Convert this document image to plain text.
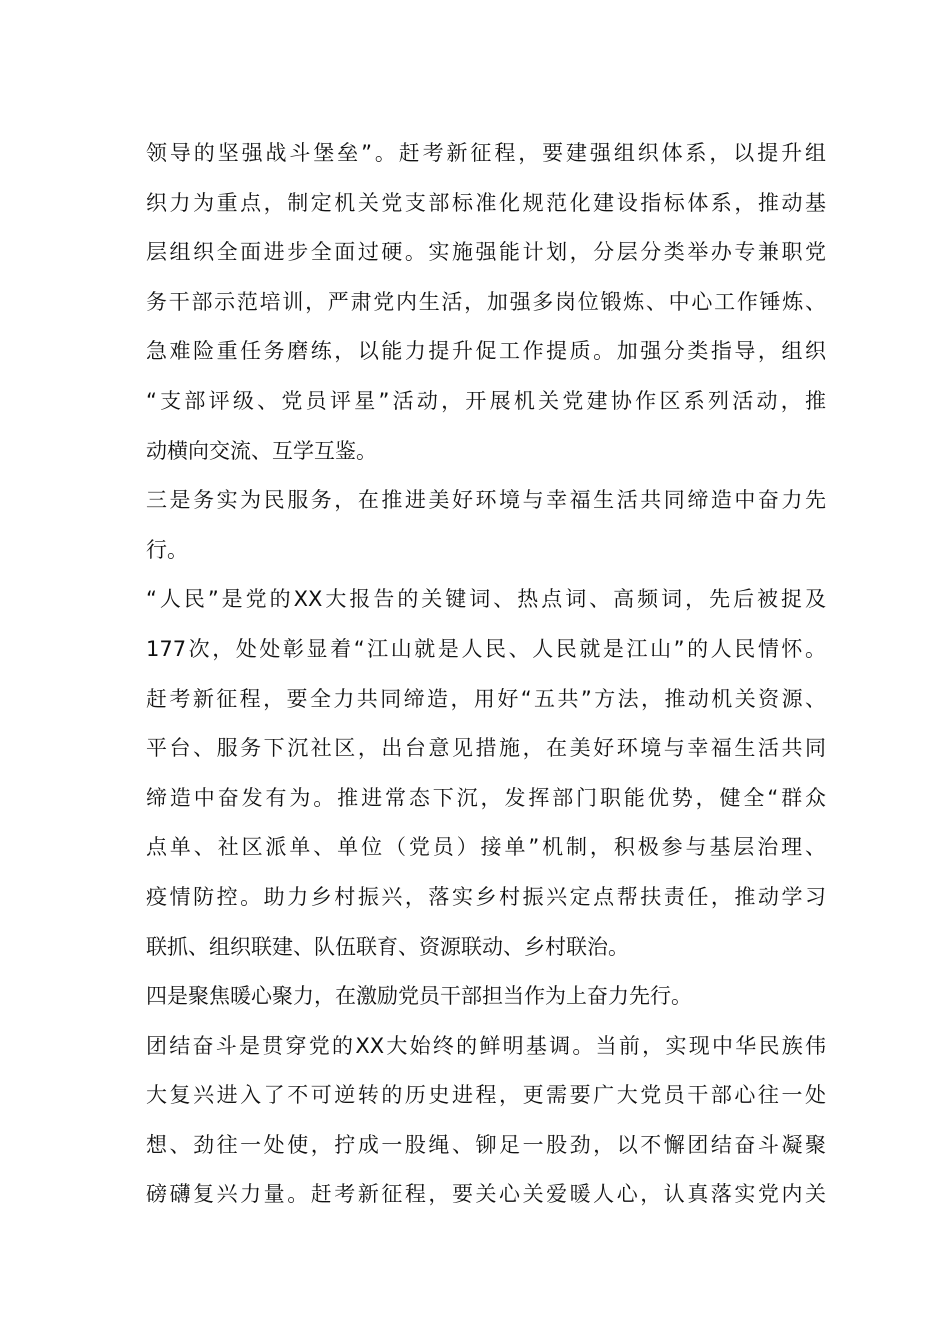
领导的坚强战斗堡垒”。赶考新征程，要建强组织体系，以提升组
织力为重点，制定机关党支部标准化规范化建设指标体系，推动基
层组织全面进步全面过硬。实施强能计划，分层分类举办专兼职党
务干部示范培训，严肃党内生活，加强多岗位锻炼、中心工作锤炼、
急难险重任务磨练，以能力提升促工作提质。加强分类指导，组织
“支部评级、党员评星”活动，开展机关党建协作区系列活动，推
动横向交流、互学互鉴。
三是务实为民服务，在推进美好环境与幸福生活共同缔造中奋力先
行。
“人民”是党的XX大报告的关键词、热点词、高频词，先后被捉及
177次，处处彰显着“江山就是人民、人民就是江山”的人民情怀。
赶考新征程，要全力共同缔造，用好“五共”方法，推动机关资源、
平台、服务下沉社区，出台意见措施，在美好环境与幸福生活共同
缔造中奋发有为。推进常态下沉，发挥部门职能优势，健全“群众
点单、社区派单、单位（党员）接单”机制，积极参与基层治理、
疫情防控。助力乡村振兴，落实乡村振兴定点帮扶责任，推动学习
联抓、组织联建、队伍联育、资源联动、乡村联治。
四是聚焦暖心聚力，在激励党员干部担当作为上奋力先行。
团结奋斗是贯穿党的XX大始终的鲜明基调。当前，实现中华民族伟
大复兴进入了不可逆转的历史进程，更需要广大党员干部心往一处
想、劲往一处使，拧成一股绳、铆足一股劲，以不懈团结奋斗凝聚
磅礴复兴力量。赶考新征程，要关心关爱暖人心，认真落实党内关
